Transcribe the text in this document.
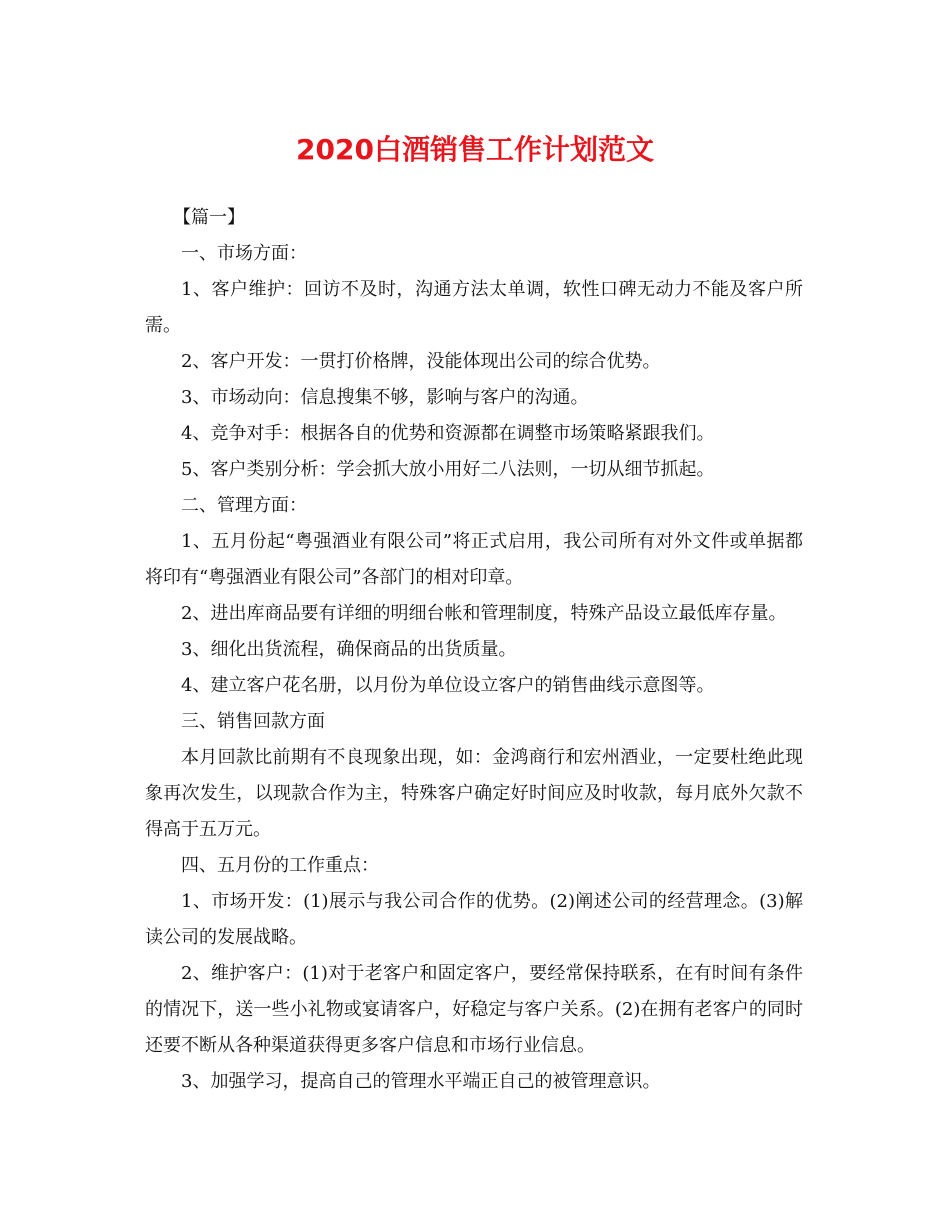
2020白酒销售工作计划范文

【篇一】

一、市场方面：

1、客户维护：回访不及时，沟通方法太单调，软性口碑无动力不能及客户所需。

2、客户开发：一贯打价格牌，没能体现出公司的综合优势。

3、市场动向：信息搜集不够，影响与客户的沟通。

4、竞争对手：根据各自的优势和资源都在调整市场策略紧跟我们。

5、客户类别分析：学会抓大放小用好二八法则，一切从细节抓起。

二、管理方面：

1、五月份起“粤强酒业有限公司”将正式启用，我公司所有对外文件或单据都将印有“粤强酒业有限公司”各部门的相对印章。

2、进出库商品要有详细的明细台帐和管理制度，特殊产品设立最低库存量。

3、细化出货流程，确保商品的出货质量。

4、建立客户花名册，以月份为单位设立客户的销售曲线示意图等。

三、销售回款方面

本月回款比前期有不良现象出现，如：金鸿商行和宏州酒业，一定要杜绝此现象再次发生，以现款合作为主，特殊客户确定好时间应及时收款，每月底外欠款不得高于五万元。

四、五月份的工作重点：

1、市场开发：(1)展示与我公司合作的优势。(2)阐述公司的经营理念。(3)解读公司的发展战略。

2、维护客户：(1)对于老客户和固定客户，要经常保持联系，在有时间有条件的情况下，送一些小礼物或宴请客户，好稳定与客户关系。(2)在拥有老客户的同时还要不断从各种渠道获得更多客户信息和市场行业信息。

3、加强学习，提高自己的管理水平端正自己的被管理意识。
